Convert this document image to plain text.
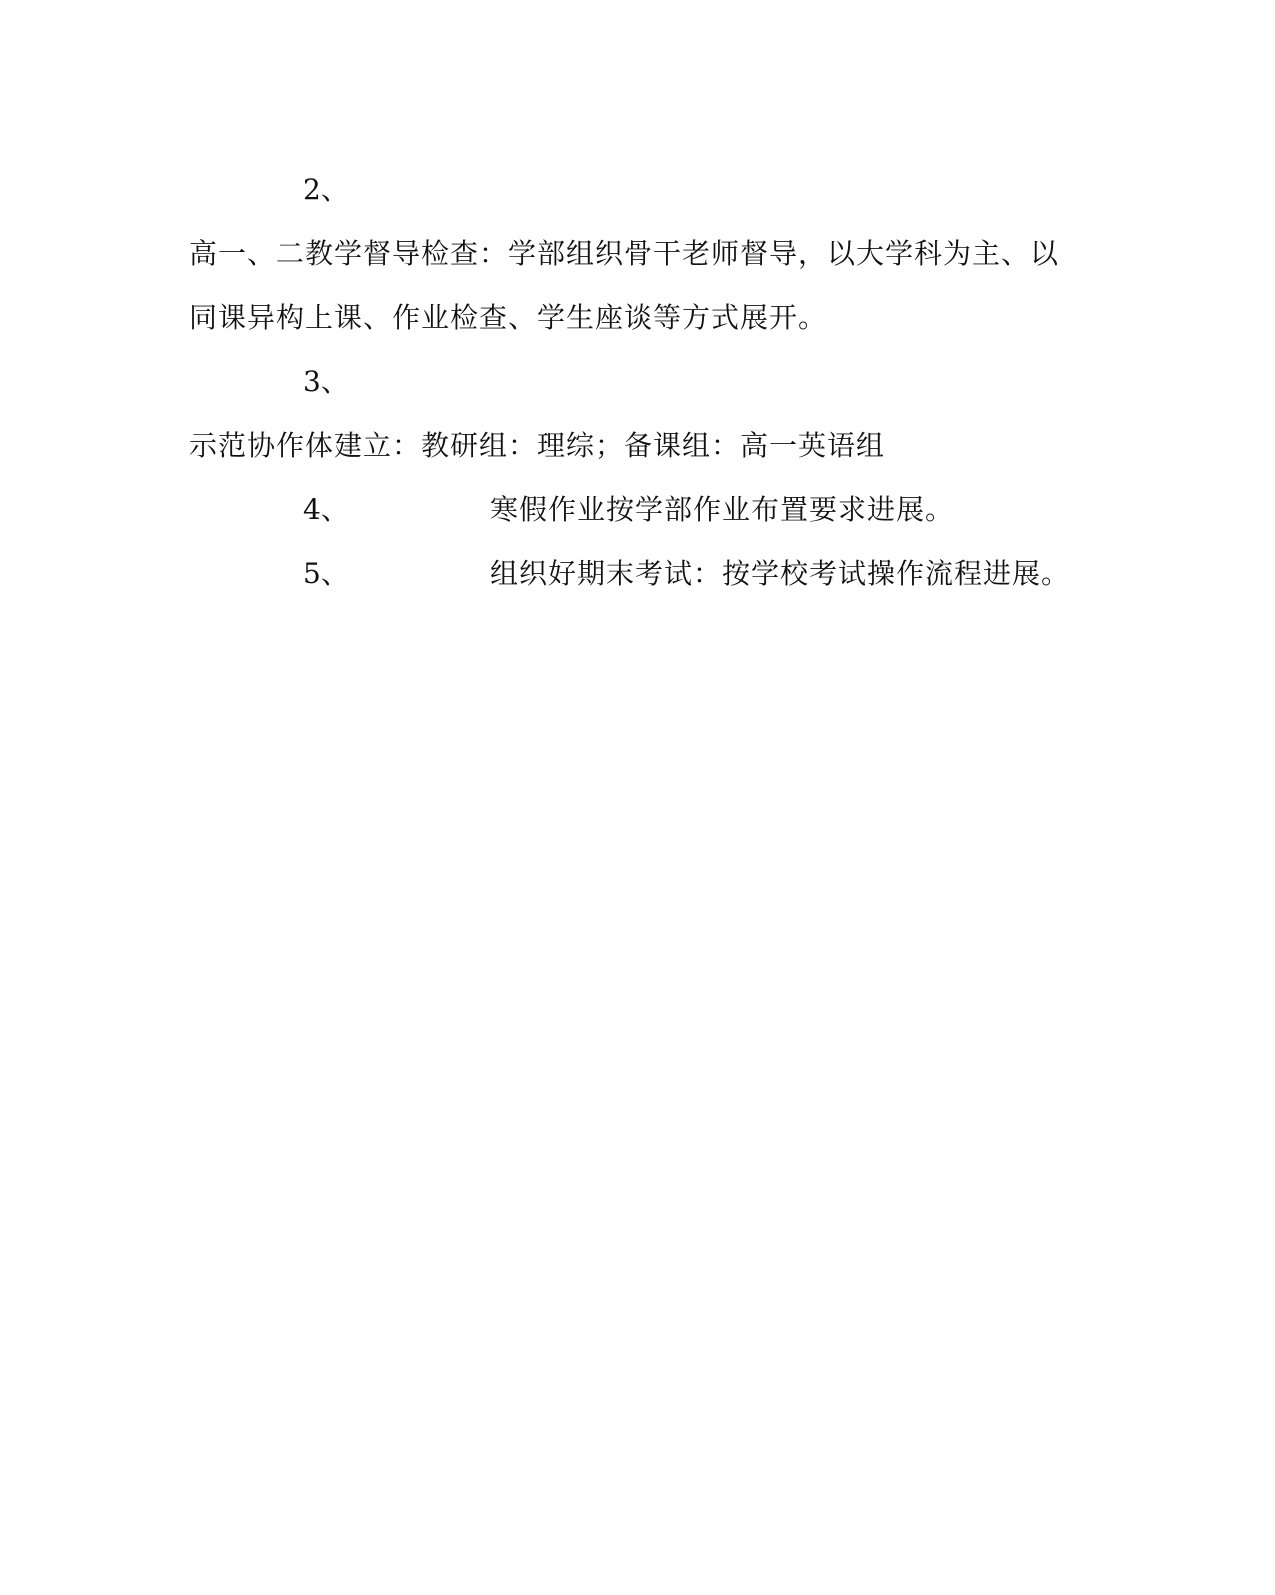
2、
高一、二教学督导检查：学部组织骨干老师督导，以大学科为主、以
同课异构上课、作业检查、学生座谈等方式展开。
3、
示范协作体建立：教研组：理综；备课组：高一英语组
4、	寒假作业按学部作业布置要求进展。
5、	组织好期末考试：按学校考试操作流程进展。
